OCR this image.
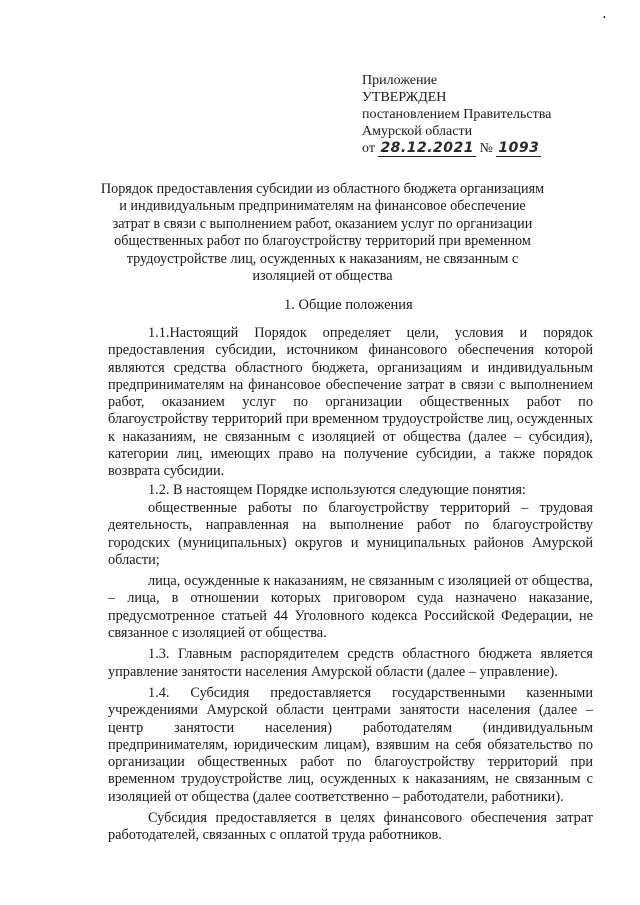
•
Приложение
УТВЕРЖДЕН
постановлением Правительства
Амурской области
от 28.12.2021 № 1093
Порядок предоставления субсидии из областного бюджета организациям и индивидуальным предпринимателям на финансовое обеспечение затрат в связи с выполнением работ, оказанием услуг по организации общественных работ по благоустройству территорий при временном трудоустройстве лиц, осужденных к наказаниям, не связанным с изоляцией от общества
1. Общие положения

1.1.Настоящий Порядок определяет цели, условия и порядок предоставления субсидии, источником финансового обеспечения которой являются средства областного бюджета, организациям и индивидуальным предпринимателям на финансовое обеспечение затрат в связи с выполнением работ, оказанием услуг по организации общественных работ по благоустройству территорий при временном трудоустройстве лиц, осужденных к наказаниям, не связанным с изоляцией от общества (далее – субсидия), категории лиц, имеющих право на получение субсидии, а также порядок возврата субсидии.

1.2. В настоящем Порядке используются следующие понятия:

общественные работы по благоустройству территорий – трудовая деятельность, направленная на выполнение работ по благоустройству городских (муниципальных) округов и муниципальных районов Амурской области;

лица, осужденные к наказаниям, не связанным с изоляцией от общества, – лица, в отношении которых приговором суда назначено наказание, предусмотренное статьей 44 Уголовного кодекса Российской Федерации, не связанное с изоляцией от общества.

1.3. Главным распорядителем средств областного бюджета является управление занятости населения Амурской области (далее – управление).

1.4. Субсидия предоставляется государственными казенными учреждениями Амурской области центрами занятости населения (далее – центр занятости населения) работодателям (индивидуальным предпринимателям, юридическим лицам), взявшим на себя обязательство по организации общественных работ по благоустройству территорий при временном трудоустройстве лиц, осужденных к наказаниям, не связанным с изоляцией от общества (далее соответственно – работодатели, работники).

Субсидия предоставляется в целях финансового обеспечения затрат работодателей, связанных с оплатой труда работников.
